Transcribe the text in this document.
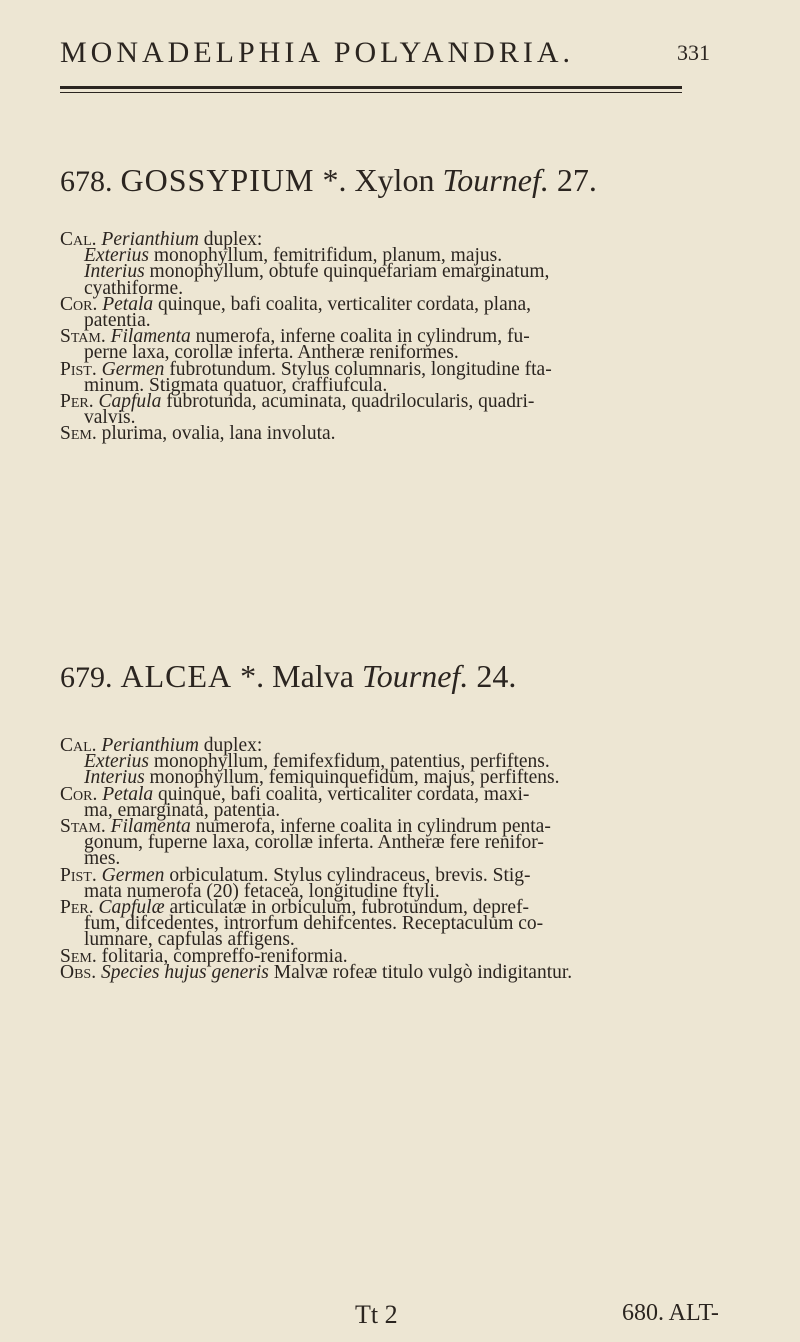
MONADELPHIA POLYANDRIA.	331
678. GOSSYPIUM *. Xylon Tournef. 27.
Cal. Perianthium duplex:
Exterius monophyllum, femitrifidum, planum, majus.
Interius monophyllum, obtufe quinquefariam emarginatum,
cyathiforme.
Cor. Petala quinque, bafi coalita, verticaliter cordata, plana,
patentia.
Stam. Filamenta numerofa, inferne coalita in cylindrum, fu-
perne laxa, corollæ inferta. Antheræ reniformes.
Pist. Germen fubrotundum. Stylus columnaris, longitudine fta-
minum. Stigmata quatuor, craffiufcula.
Per. Capfula fubrotunda, acuminata, quadrilocularis, quadri-
valvis.
Sem. plurima, ovalia, lana involuta.
679. ALCEA *. Malva Tournef. 24.
Cal. Perianthium duplex:
Exterius monophyllum, femifexfidum, patentius, perfiftens.
Interius monophyllum, femiquinquefidum, majus, perfiftens.
Cor. Petala quinque, bafi coalita, verticaliter cordata, maxi-
ma, emarginata, patentia.
Stam. Filamenta numerofa, inferne coalita in cylindrum penta-
gonum, fuperne laxa, corollæ inferta. Antheræ fere renifor-
mes.
Pist. Germen orbiculatum. Stylus cylindraceus, brevis. Stig-
mata numerofa (20) fetacea, longitudine ftyli.
Per. Capfulæ articulatæ in orbiculum, fubrotundum, depref-
fum, difcedentes, introrfum dehifcentes. Receptaculum co-
lumnare, capfulas affigens.
Sem. folitaria, compreffo-reniformia.
Obs. Species hujus generis Malvæ rofeæ titulo vulgò indigitantur.
Tt 2	680. ALT-
